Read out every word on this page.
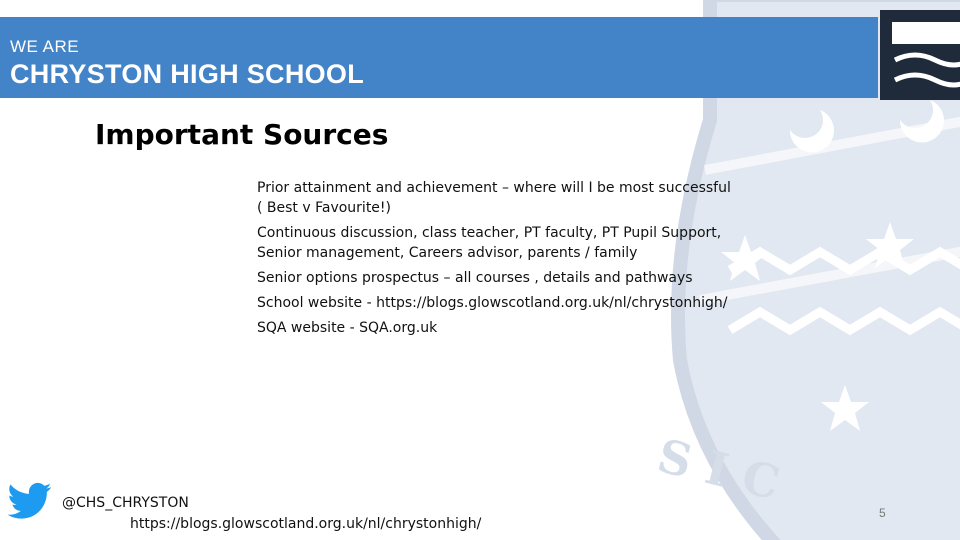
S I C
WE ARE
CHRYSTON HIGH SCHOOL
Important Sources
Prior attainment and achievement – where will I be most successful ( Best v Favourite!)
Continuous discussion, class teacher, PT faculty, PT Pupil Support, Senior management, Careers advisor, parents / family
Senior options prospectus – all courses , details and pathways
School website - https://blogs.glowscotland.org.uk/nl/chrystonhigh/
SQA website - SQA.org.uk
@CHS_CHRYSTON
https://blogs.glowscotland.org.uk/nl/chrystonhigh/
5
